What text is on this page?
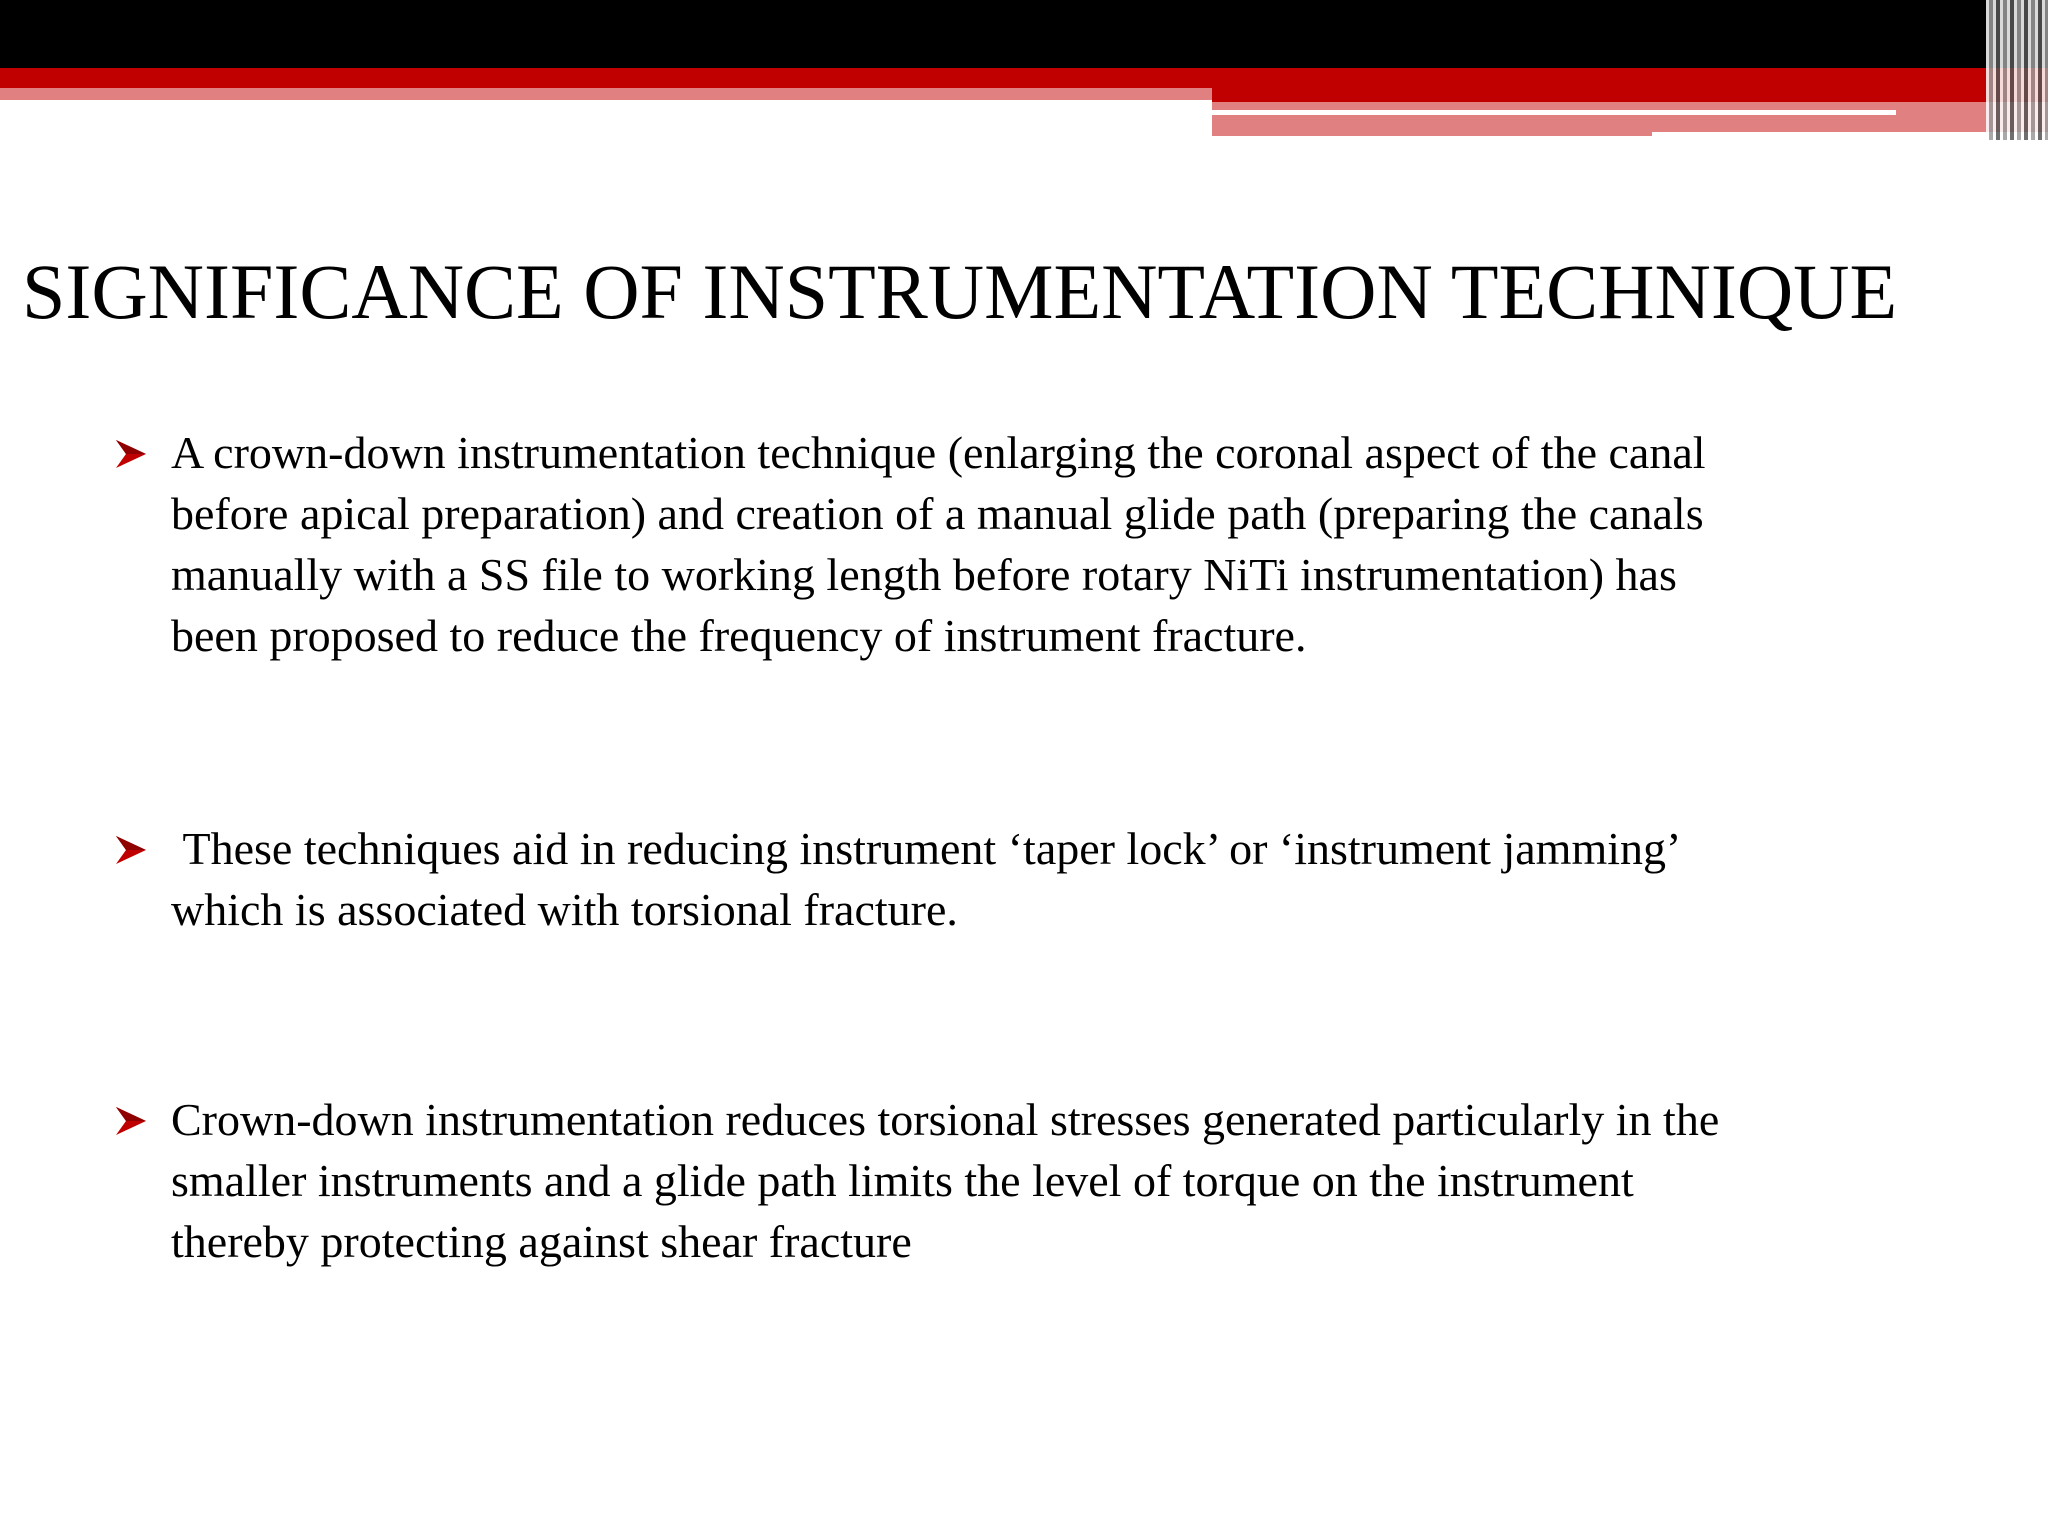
SIGNIFICANCE OF INSTRUMENTATION TECHNIQUE

A crown-down instrumentation technique (enlarging the coronal aspect of the canal
before apical preparation) and creation of a manual glide path (preparing the canals
manually with a SS file to working length before rotary NiTi instrumentation) has
been proposed to reduce the frequency of instrument fracture.

These techniques aid in reducing instrument ‘taper lock’ or ‘instrument jamming’
which is associated with torsional fracture.

Crown-down instrumentation reduces torsional stresses generated particularly in the
smaller instruments and a glide path limits the level of torque on the instrument
thereby protecting against shear fracture
